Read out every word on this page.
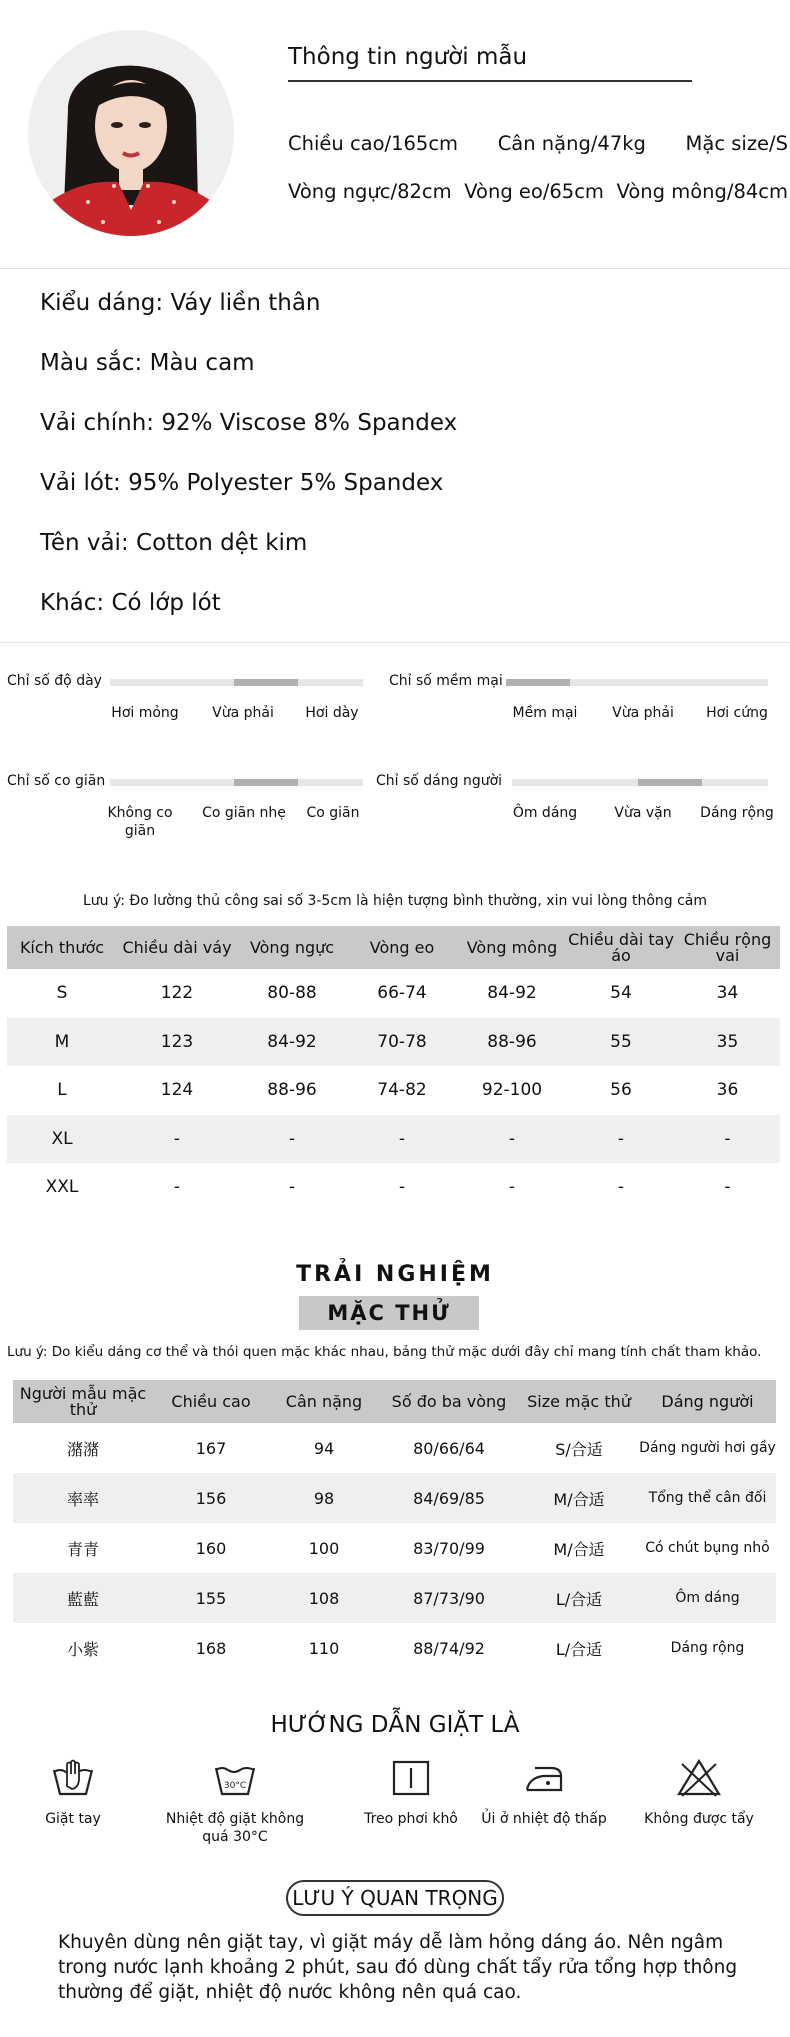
Thông tin người mẫu
Chiều cao/165cm Cân nặng/47kg Mặc size/S
Vòng ngực/82cm Vòng eo/65cm Vòng mông/84cm
Kiểu dáng: Váy liền thân
Màu sắc: Màu cam
Vải chính: 92% Viscose 8% Spandex
Vải lót: 95% Polyester 5% Spandex
Tên vải: Cotton dệt kim
Khác: Có lớp lót
Chỉ số độ dày
Hơi mỏng	Vừa phải	Hơi dày
Chỉ số mềm mại
Mềm mại	Vừa phải	Hơi cứng
Chỉ số co giãn
Không co giãn
Co giãn nhẹ	Co giãn
Chỉ số dáng người
Ôm dáng	Vừa vặn	Dáng rộng
Lưu ý: Đo lường thủ công sai số 3-5cm là hiện tượng bình thường, xin vui lòng thông cảm
Kích thước	Chiều dài váy	Vòng ngực	Vòng eo	Vòng mông	Chiều dài tay áo	Chiều rộng vai
S	122	80-88	66-74	84-92	54	34
M	123	84-92	70-78	88-96	55	35
L	124	88-96	74-82	92-100	56	36
XL	-	-	-	-	-	-
XXL	-	-	-	-	-	-
TRẢI NGHIỆM
MẶC THỬ
Lưu ý: Do kiểu dáng cơ thể và thói quen mặc khác nhau, bảng thử mặc dưới đây chỉ mang tính chất tham khảo.
Người mẫu mặc thử	Chiều cao	Cân nặng	Số đo ba vòng	Size mặc thử	Dáng người
潴潴	167	94	80/66/64	S/合适	Dáng người hơi gầy
率率	156	98	84/69/85	M/合适	Tổng thể cân đối
青青	160	100	83/70/99	M/合适	Có chút bụng nhỏ
藍藍	155	108	87/73/90	L/合适	Ôm dáng
小紫	168	110	88/74/92	L/合适	Dáng rộng
HƯỚNG DẪN GIẶT LÀ
Giặt tay
30°C
Nhiệt độ giặt không quá 30°C
Treo phơi khô	Ủi ở nhiệt độ thấp	Không được tẩy
LƯU Ý QUAN TRỌNG
Khuyên dùng nên giặt tay, vì giặt máy dễ làm hỏng dáng áo. Nên ngâm trong nước lạnh khoảng 2 phút, sau đó dùng chất tẩy rửa tổng hợp thông thường để giặt, nhiệt độ nước không nên quá cao.
